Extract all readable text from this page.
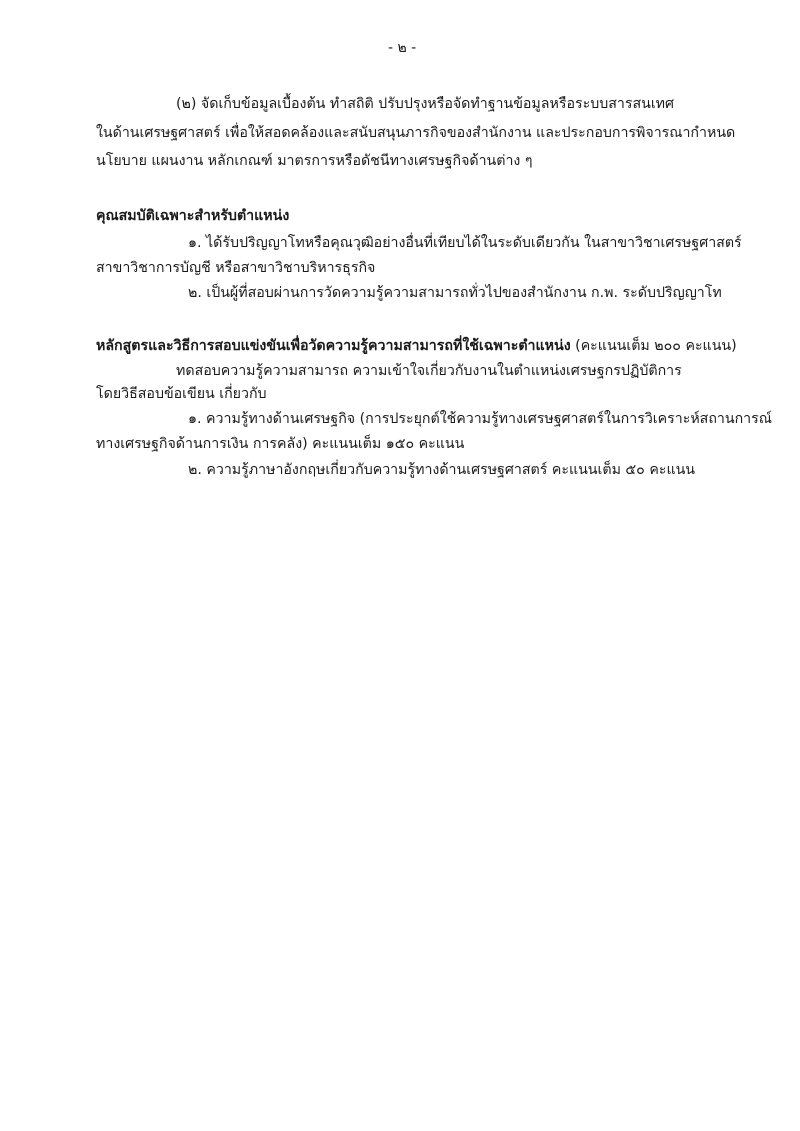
- ๒ -
(๒) จัดเก็บข้อมูลเบื้องต้น ทำสถิติ ปรับปรุงหรือจัดทำฐานข้อมูลหรือระบบสารสนเทศ
ในด้านเศรษฐศาสตร์ เพื่อให้สอดคล้องและสนับสนุนภารกิจของสำนักงาน และประกอบการพิจารณากำหนด
นโยบาย แผนงาน หลักเกณฑ์ มาตรการหรือดัชนีทางเศรษฐกิจด้านต่าง ๆ
คุณสมบัติเฉพาะสำหรับตำแหน่ง
๑. ได้รับปริญญาโทหรือคุณวุฒิอย่างอื่นที่เทียบได้ในระดับเดียวกัน ในสาขาวิชาเศรษฐศาสตร์
สาขาวิชาการบัญชี หรือสาขาวิชาบริหารธุรกิจ
๒. เป็นผู้ที่สอบผ่านการวัดความรู้ความสามารถทั่วไปของสำนักงาน ก.พ. ระดับปริญญาโท
หลักสูตรและวิธีการสอบแข่งขันเพื่อวัดความรู้ความสามารถที่ใช้เฉพาะตำแหน่ง (คะแนนเต็ม ๒๐๐ คะแนน)
ทดสอบความรู้ความสามารถ ความเข้าใจเกี่ยวกับงานในตำแหน่งเศรษฐกรปฏิบัติการ
โดยวิธีสอบข้อเขียน เกี่ยวกับ
๑. ความรู้ทางด้านเศรษฐกิจ (การประยุกต์ใช้ความรู้ทางเศรษฐศาสตร์ในการวิเคราะห์สถานการณ์
ทางเศรษฐกิจด้านการเงิน การคลัง) คะแนนเต็ม ๑๕๐ คะแนน
๒. ความรู้ภาษาอังกฤษเกี่ยวกับความรู้ทางด้านเศรษฐศาสตร์ คะแนนเต็ม ๕๐ คะแนน
